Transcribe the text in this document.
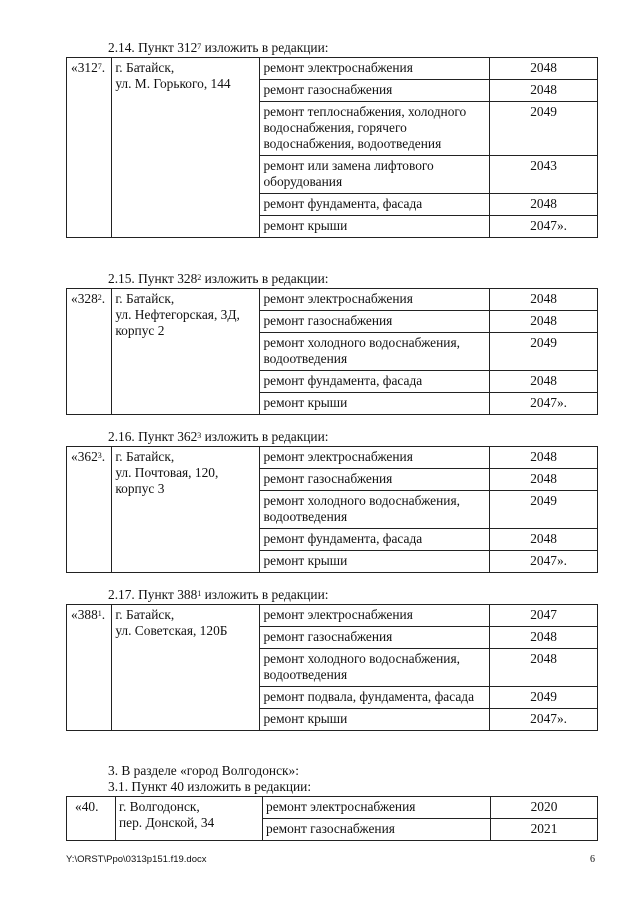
2.14. Пункт $312^7$ изложить в редакции:
«$312^7$.	г. Батайск,
ул. М. Горького, 144	ремонт электроснабжения	2048
		ремонт газоснабжения	2048
		ремонт теплоснабжения, холодного водоснабжения, горячего водоснабжения, водоотведения	2049
		ремонт или замена лифтового оборудования	2043
		ремонт фундамента, фасада	2048
		ремонт крыши	2047».
2.15. Пункт $328^2$ изложить в редакции:
«$328^2$.	г. Батайск,
ул. Нефтегорская, 3Д,
корпус 2	ремонт электроснабжения	2048
		ремонт газоснабжения	2048
		ремонт холодного водоснабжения, водоотведения	2049
		ремонт фундамента, фасада	2048
		ремонт крыши	2047».
2.16. Пункт $362^3$ изложить в редакции:
«$362^3$.	г. Батайск,
ул. Почтовая, 120,
корпус 3	ремонт электроснабжения	2048
		ремонт газоснабжения	2048
		ремонт холодного водоснабжения, водоотведения	2049
		ремонт фундамента, фасада	2048
		ремонт крыши	2047».
2.17. Пункт $388^1$ изложить в редакции:
«$388^1$.	г. Батайск,
ул. Советская, 120Б	ремонт электроснабжения	2047
		ремонт газоснабжения	2048
		ремонт холодного водоснабжения, водоотведения	2048
		ремонт подвала, фундамента, фасада	2049
		ремонт крыши	2047».
3. В разделе «город Волгодонск»:
3.1. Пункт 40 изложить в редакции:
«40.	г. Волгодонск,
пер. Донской, 34	ремонт электроснабжения	2020
		ремонт газоснабжения	2021
Y:\ORST\Ppo\0313p151.f19.docx	6
